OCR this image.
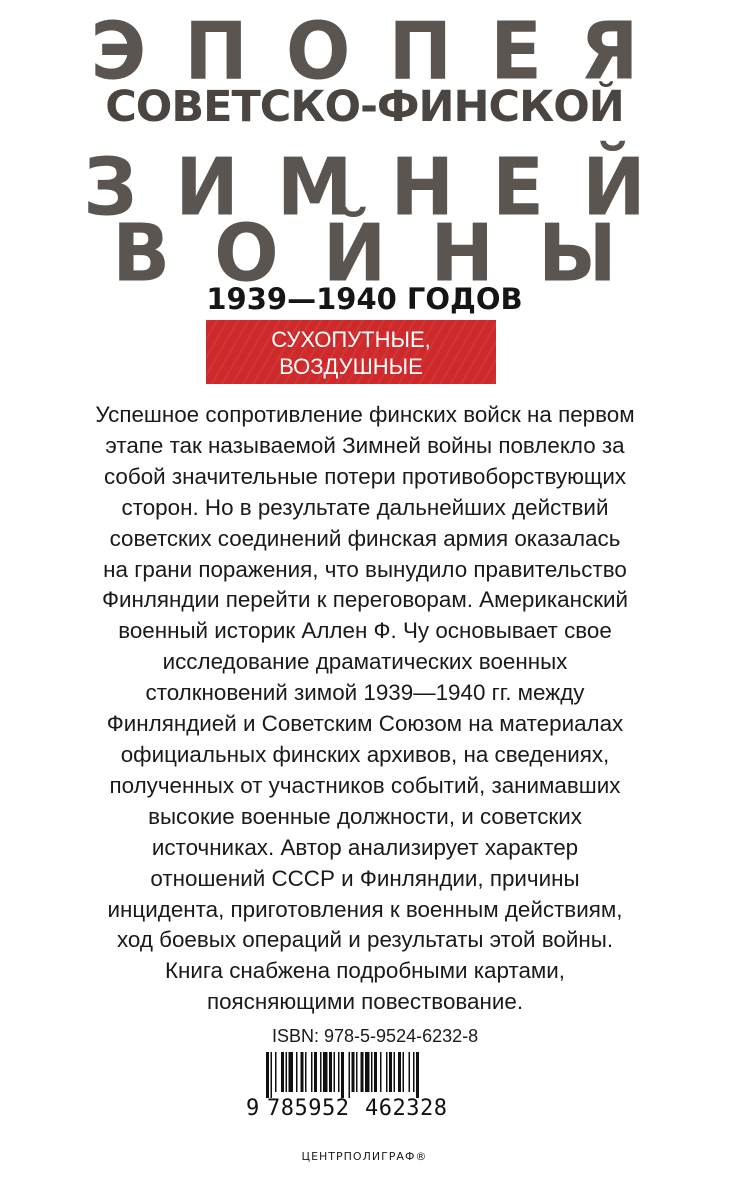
Э П О П Е Я
СОВЕТСКО-ФИНСКОЙ
З И М Н Е Й
В О Й Н Ы
1939—1940 ГОДОВ
СУХОПУТНЫЕ, ВОЗДУШНЫЕ
И МОРСКИЕ ОПЕРАЦИИ

Успешное сопротивление финских войск на первом
этапе так называемой Зимней войны повлекло за
собой значительные потери противоборствующих
сторон. Но в результате дальнейших действий
советских соединений финская армия оказалась
на грани поражения, что вынудило правительство
Финляндии перейти к переговорам. Американский
военный историк Аллен Ф. Чу основывает свое
исследование драматических военных
столкновений зимой 1939—1940 гг. между
Финляндией и Советским Союзом на материалах
официальных финских архивов, на сведениях,
полученных от участников событий, занимавших
высокие военные должности, и советских
источниках. Автор анализирует характер
отношений СССР и Финляндии, причины
инцидента, приготовления к военным действиям,
ход боевых операций и результаты этой войны.
Книга снабжена подробными картами,
поясняющими повествование.

ISBN: 978-5-9524-6232-8
9 785952 462328
ЦЕНТРПОЛИГРАФ®
